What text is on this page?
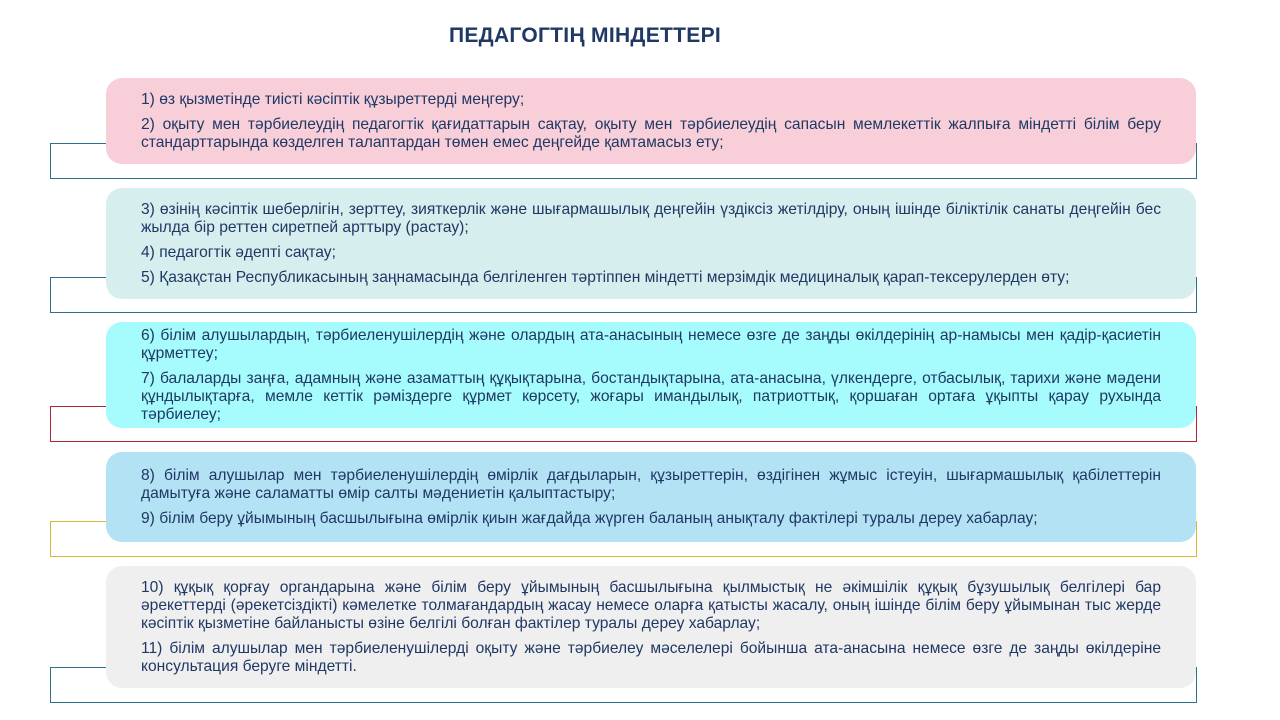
ПЕДАГОГТІҢ МІНДЕТТЕРІ

1) өз қызметінде тиісті кәсіптік құзыреттерді меңгеру;

2) оқыту мен тәрбиелеудің педагогтік қағидаттарын сақтау, оқыту мен тәрбиелеудің сапасын мемлекеттік жалпыға міндетті білім беру стандарттарында көзделген талаптардан төмен емес деңгейде қамтамасыз ету;

3) өзінің кәсіптік шеберлігін, зерттеу, зияткерлік және шығармашылық деңгейін үздіксіз жетілдіру, оның ішінде біліктілік санаты деңгейін бес жылда бір реттен сиретпей арттыру (растау);

4) педагогтік әдепті сақтау;

5) Қазақстан Республикасының заңнамасында белгіленген тәртіппен міндетті мерзімдік медициналық қарап-тексерулерден өту;

6) білім алушылардың, тәрбиеленушілердің және олардың ата-анасының немесе өзге де заңды өкілдерінің ар-намысы мен қадір-қасиетін құрметтеу;

7) балаларды заңға, адамның және азаматтың құқықтарына, бостандықтарына, ата-анасына, үлкендерге, отбасылық, тарихи және мәдени құндылықтарға, мемле кеттік рәміздерге құрмет көрсету, жоғары имандылық, патриоттық, қоршаған ортаға ұқыпты қарау рухында тәрбиелеу;

8) білім алушылар мен тәрбиеленушілердің өмірлік дағдыларын, құзыреттерін, өздігінен жұмыс істеуін, шығармашылық қабілеттерін дамытуға және саламатты өмір салты мәдениетін қалыптастыру;

9) білім беру ұйымының басшылығына өмірлік қиын жағдайда жүрген баланың анықталу фактілері туралы дереу хабарлау;

10) құқық қорғау органдарына және білім беру ұйымының басшылығына қылмыстық не әкімшілік құқық бұзушылық белгілері бар әрекеттерді (әрекетсіздікті) кәмелетке толмағандардың жасау немесе оларға қатысты жасалу, оның ішінде білім беру ұйымынан тыс жерде кәсіптік қызметіне байланысты өзіне белгілі болған фактілер туралы дереу хабарлау;

11) білім алушылар мен тәрбиеленушілерді оқыту және тәрбиелеу мәселелері бойынша ата-анасына немесе өзге де заңды өкілдеріне консультация беруге міндетті.
